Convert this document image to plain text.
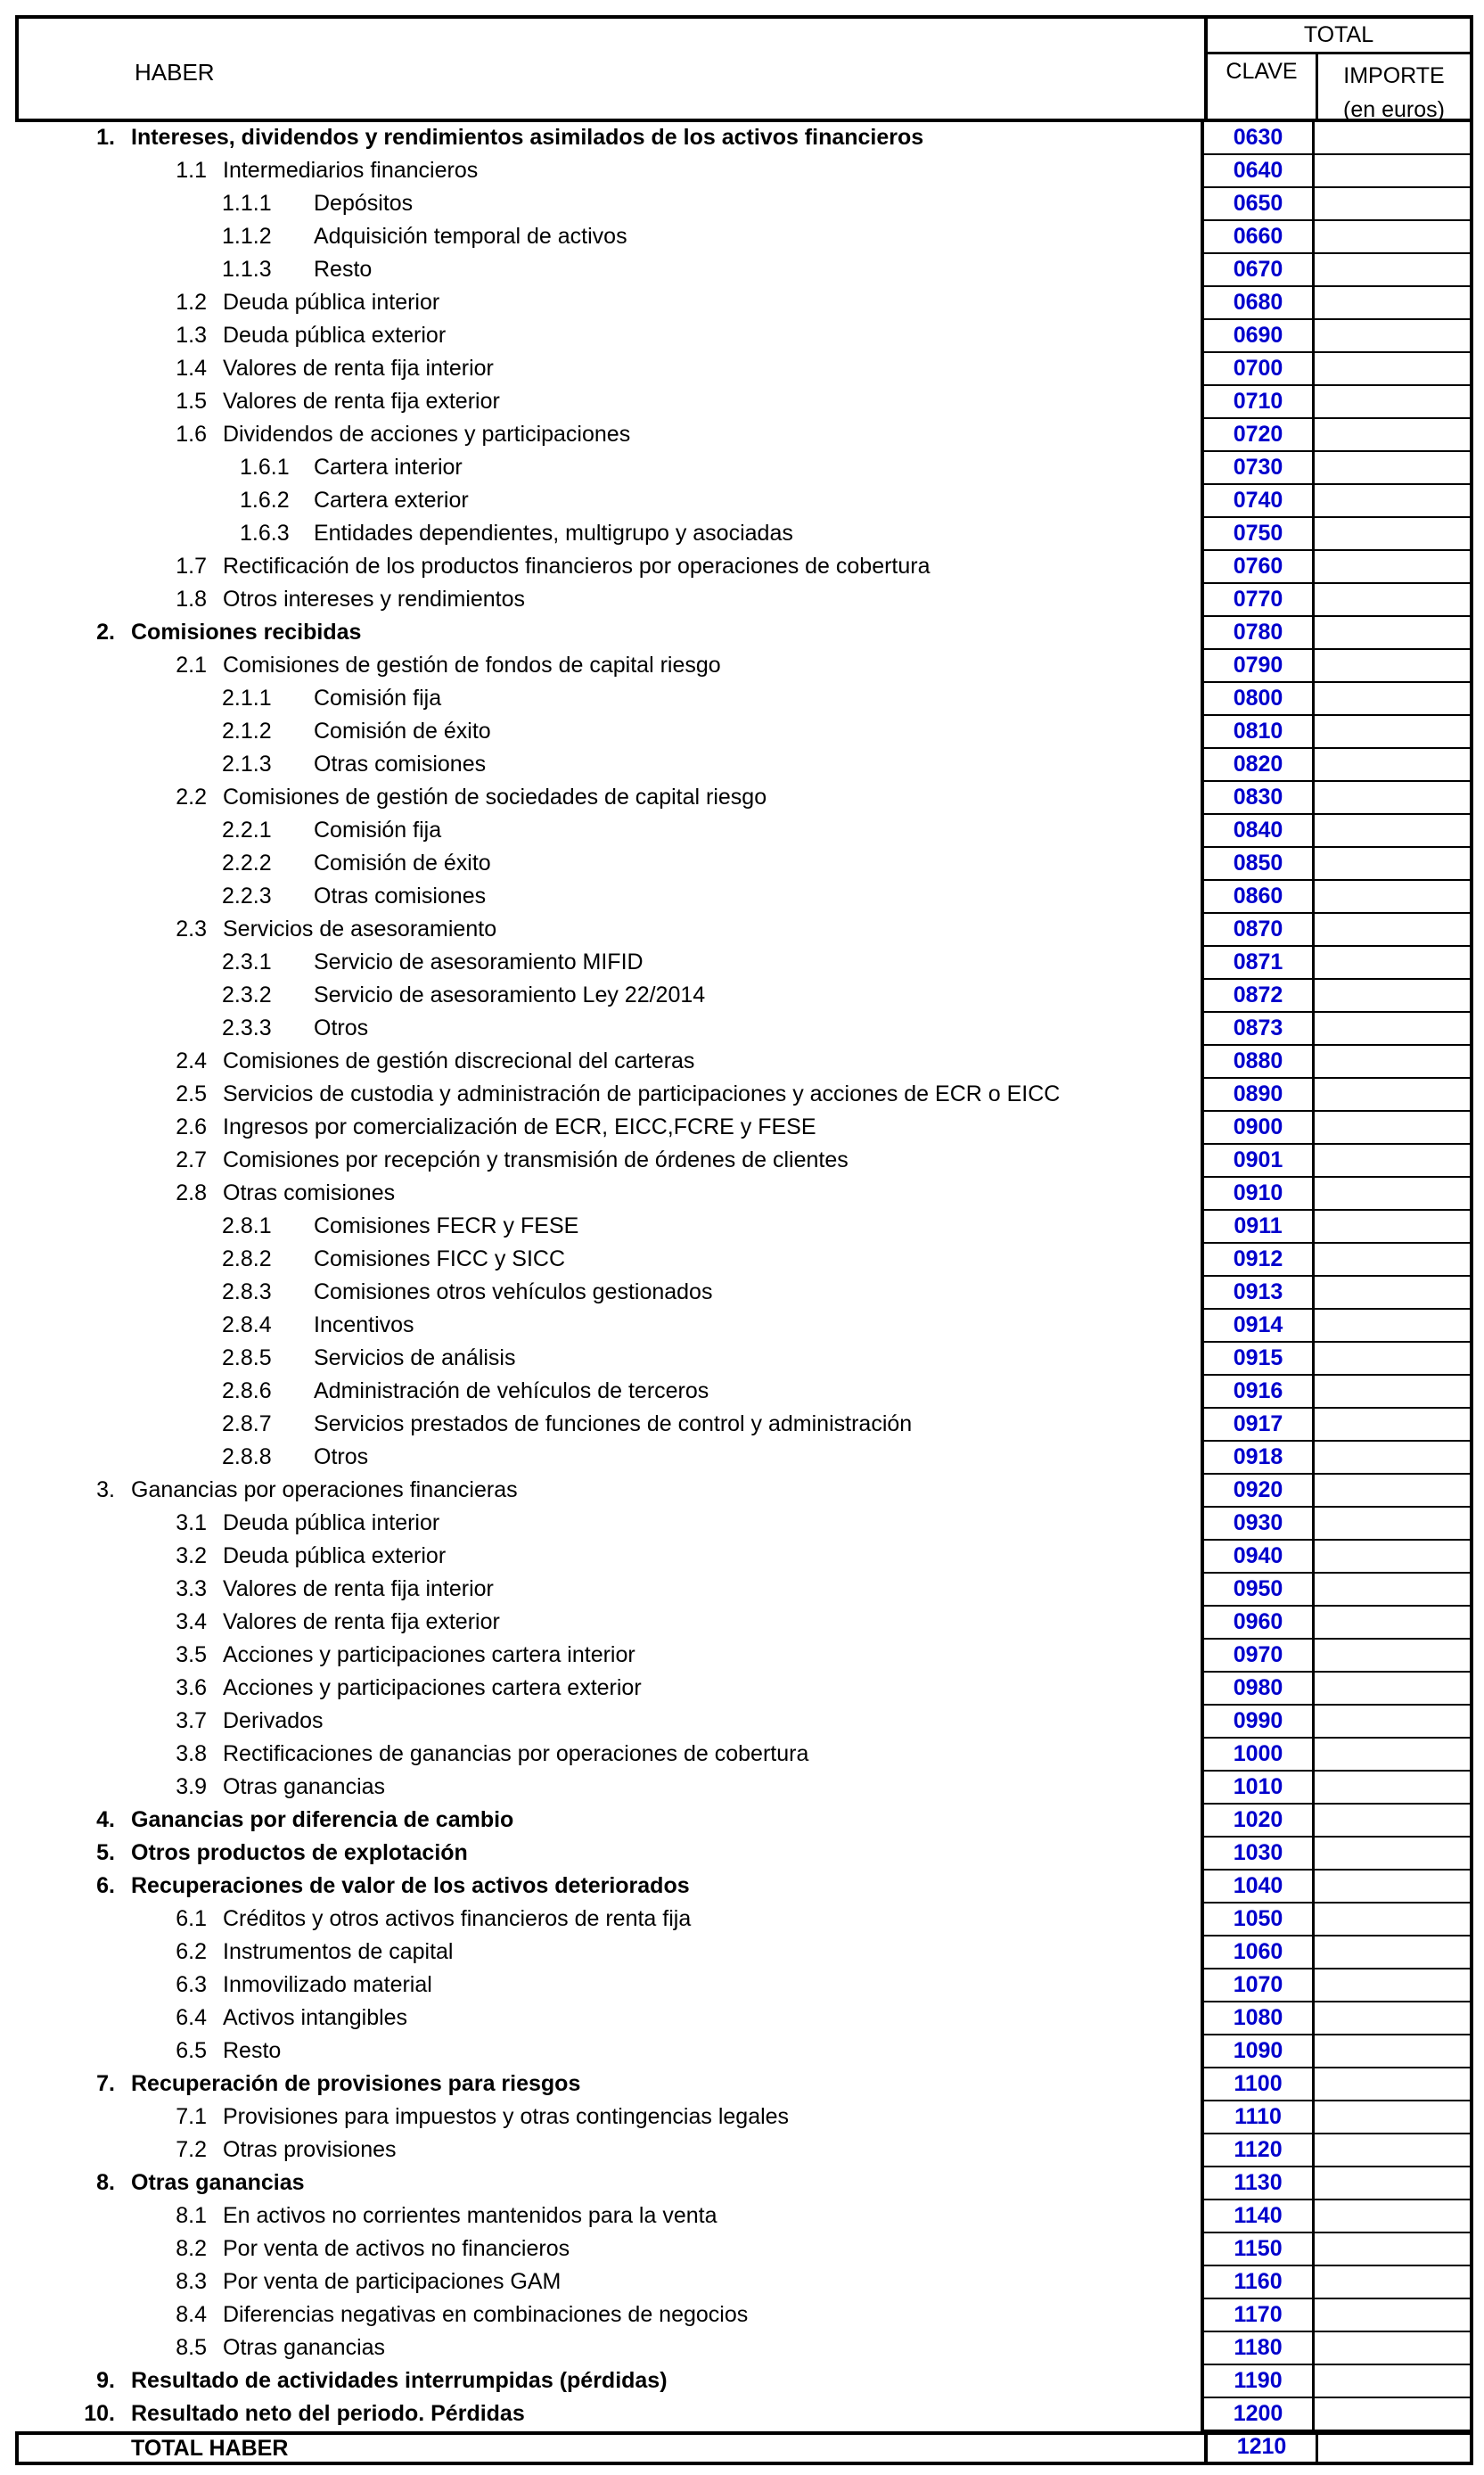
HABER
TOTAL
CLAVE	IMPORTE
(en euros)
1. Intereses, dividendos y rendimientos asimilados de los activos financieros	0630
1.1 Intermediarios financieros	0640
1.1.1	Depósitos	0650
1.1.2	Adquisición temporal de activos	0660
1.1.3	Resto	0670
1.2 Deuda pública interior	0680
1.3 Deuda pública exterior	0690
1.4 Valores de renta fija interior	0700
1.5 Valores de renta fija exterior	0710
1.6 Dividendos de acciones y participaciones	0720
1.6.1	Cartera interior	0730
1.6.2	Cartera exterior	0740
1.6.3	Entidades dependientes, multigrupo y asociadas	0750
1.7 Rectificación de los productos financieros por operaciones de cobertura	0760
1.8 Otros intereses y rendimientos	0770
2. Comisiones recibidas	0780
2.1 Comisiones de gestión de fondos de capital riesgo	0790
2.1.1	Comisión fija	0800
2.1.2	Comisión de éxito	0810
2.1.3	Otras comisiones	0820
2.2 Comisiones de gestión de sociedades de capital riesgo	0830
2.2.1	Comisión fija	0840
2.2.2	Comisión de éxito	0850
2.2.3	Otras comisiones	0860
2.3 Servicios de asesoramiento	0870
2.3.1	Servicio de asesoramiento MIFID	0871
2.3.2	Servicio de asesoramiento Ley 22/2014	0872
2.3.3	Otros	0873
2.4 Comisiones de gestión discrecional del carteras	0880
2.5 Servicios de custodia y administración de participaciones y acciones de ECR o EICC	0890
2.6 Ingresos por comercialización de ECR, EICC,FCRE y FESE	0900
2.7 Comisiones por recepción y transmisión de órdenes de clientes	0901
2.8 Otras comisiones	0910
2.8.1	Comisiones FECR y FESE	0911
2.8.2	Comisiones FICC y SICC	0912
2.8.3	Comisiones otros vehículos gestionados	0913
2.8.4	Incentivos	0914
2.8.5	Servicios de análisis	0915
2.8.6	Administración de vehículos de terceros	0916
2.8.7	Servicios prestados de funciones de control y administración	0917
2.8.8	Otros	0918
3. Ganancias por operaciones financieras	0920
3.1 Deuda pública interior	0930
3.2 Deuda pública exterior	0940
3.3 Valores de renta fija interior	0950
3.4 Valores de renta fija exterior	0960
3.5 Acciones y participaciones cartera interior	0970
3.6 Acciones y participaciones cartera exterior	0980
3.7 Derivados	0990
3.8 Rectificaciones de ganancias por operaciones de cobertura	1000
3.9 Otras ganancias	1010
4. Ganancias por diferencia de cambio	1020
5. Otros productos de explotación	1030
6. Recuperaciones de valor de los activos deteriorados	1040
6.1 Créditos y otros activos financieros de renta fija	1050
6.2 Instrumentos de capital	1060
6.3 Inmovilizado material	1070
6.4 Activos intangibles	1080
6.5 Resto	1090
7. Recuperación de provisiones para riesgos	1100
7.1 Provisiones para impuestos y otras contingencias legales	1110
7.2 Otras provisiones	1120
8. Otras ganancias	1130
8.1 En activos no corrientes mantenidos para la venta	1140
8.2 Por venta de activos no financieros	1150
8.3 Por venta de participaciones GAM	1160
8.4 Diferencias negativas en combinaciones de negocios	1170
8.5 Otras ganancias	1180
9. Resultado de actividades interrumpidas (pérdidas)	1190
10. Resultado neto del periodo. Pérdidas	1200
TOTAL HABER	1210
